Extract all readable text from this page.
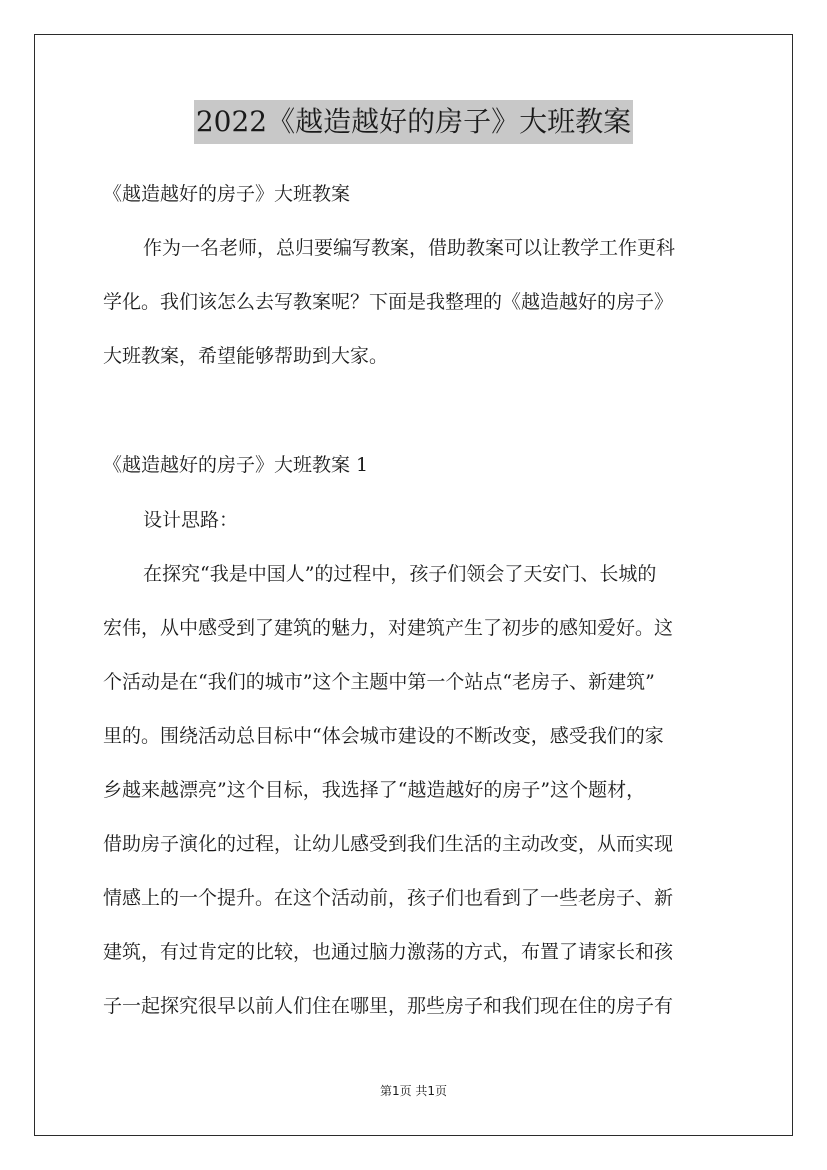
2022《越造越好的房子》大班教案
《越造越好的房子》大班教案
作为一名老师，总归要编写教案，借助教案可以让教学工作更科
学化。我们该怎么去写教案呢？下面是我整理的《越造越好的房子》
大班教案，希望能够帮助到大家。
《越造越好的房子》大班教案 1
设计思路：
在探究“我是中国人”的过程中，孩子们领会了天安门、长城的
宏伟，从中感受到了建筑的魅力，对建筑产生了初步的感知爱好。这
个活动是在“我们的城市”这个主题中第一个站点“老房子、新建筑”
里的。围绕活动总目标中“体会城市建设的不断改变，感受我们的家
乡越来越漂亮”这个目标，我选择了“越造越好的房子”这个题材，
借助房子演化的过程，让幼儿感受到我们生活的主动改变，从而实现
情感上的一个提升。在这个活动前，孩子们也看到了一些老房子、新
建筑，有过肯定的比较，也通过脑力激荡的方式，布置了请家长和孩
子一起探究很早以前人们住在哪里，那些房子和我们现在住的房子有
第1页 共1页
